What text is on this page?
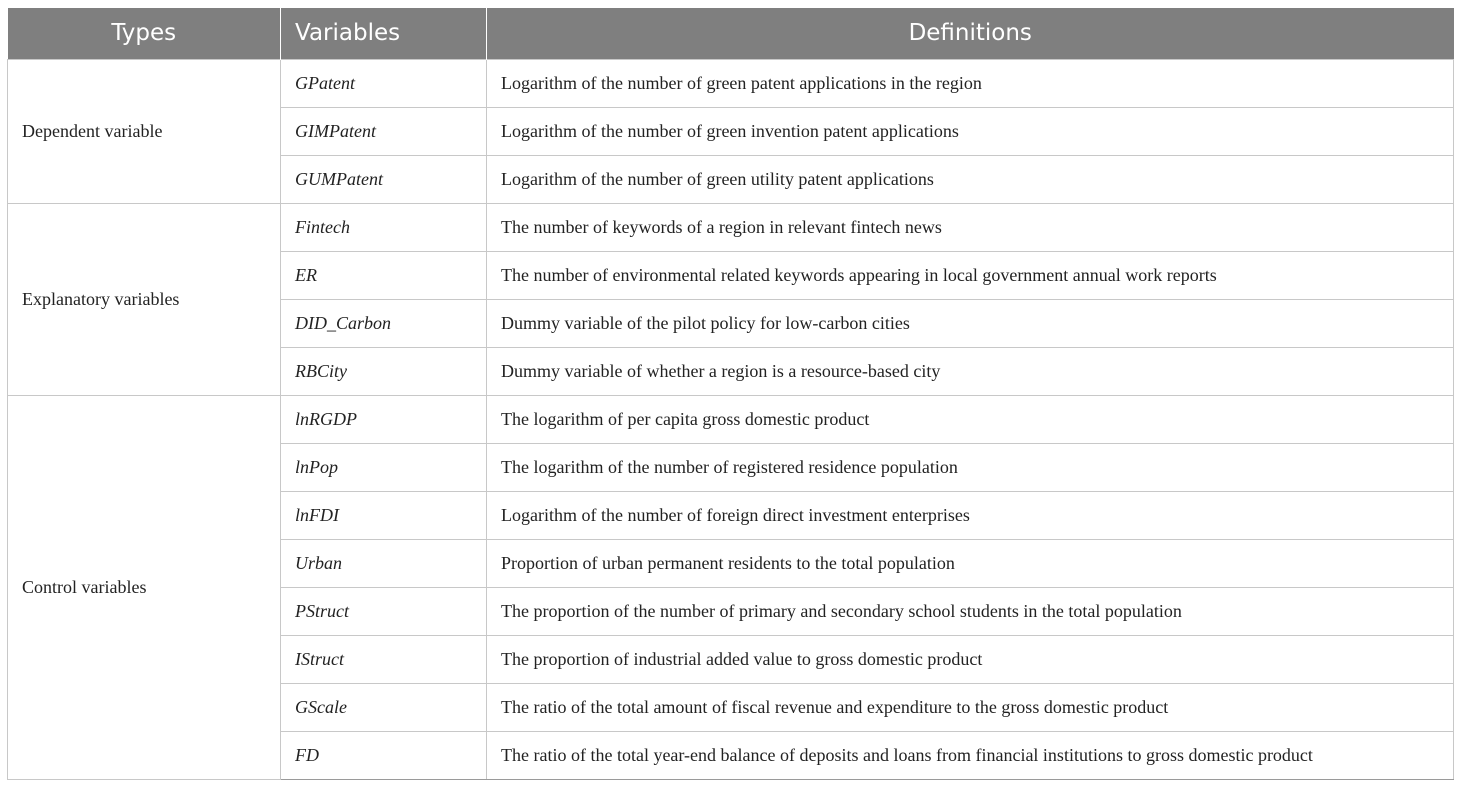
Types	Variables	Definitions
Dependent variable	GPatent	Logarithm of the number of green patent applications in the region
	GIMPatent	Logarithm of the number of green invention patent applications
	GUMPatent	Logarithm of the number of green utility patent applications
Explanatory variables	Fintech	The number of keywords of a region in relevant fintech news
	ER	The number of environmental related keywords appearing in local government annual work reports
	DID_Carbon	Dummy variable of the pilot policy for low-carbon cities
	RBCity	Dummy variable of whether a region is a resource-based city
Control variables	lnRGDP	The logarithm of per capita gross domestic product
	lnPop	The logarithm of the number of registered residence population
	lnFDI	Logarithm of the number of foreign direct investment enterprises
	Urban	Proportion of urban permanent residents to the total population
	PStruct	The proportion of the number of primary and secondary school students in the total population
	IStruct	The proportion of industrial added value to gross domestic product
	GScale	The ratio of the total amount of fiscal revenue and expenditure to the gross domestic product
	FD	The ratio of the total year-end balance of deposits and loans from financial institutions to gross domestic product
